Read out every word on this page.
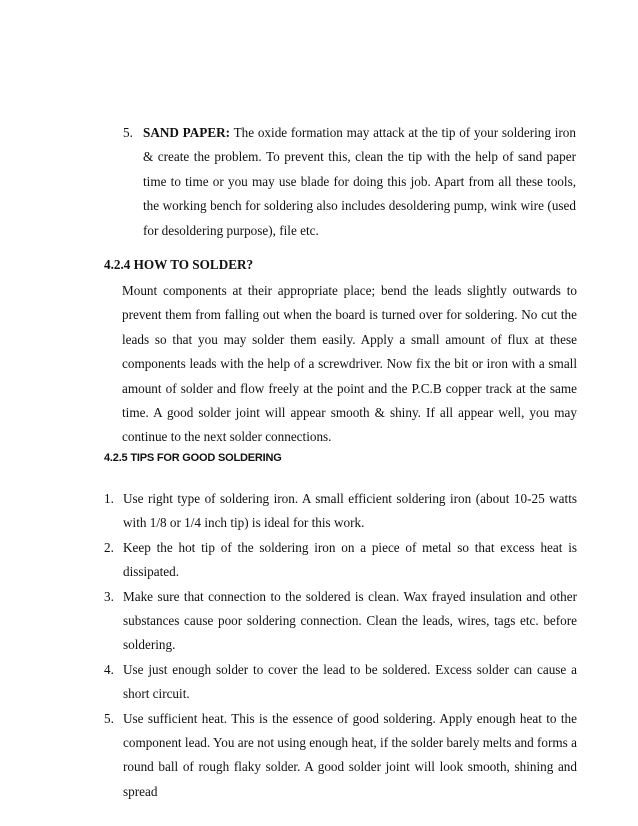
5. SAND PAPER: The oxide formation may attack at the tip of your soldering iron & create the problem. To prevent this, clean the tip with the help of sand paper time to time or you may use blade for doing this job. Apart from all these tools, the working bench for soldering also includes desoldering pump, wink wire (used for desoldering purpose), file etc.

4.2.4 HOW TO SOLDER?

Mount components at their appropriate place; bend the leads slightly outwards to prevent them from falling out when the board is turned over for soldering. No cut the leads so that you may solder them easily. Apply a small amount of flux at these components leads with the help of a screwdriver. Now fix the bit or iron with a small amount of solder and flow freely at the point and the P.C.B copper track at the same time. A good solder joint will appear smooth & shiny. If all appear well, you may continue to the next solder connections.

4.2.5 TIPS FOR GOOD SOLDERING
1. Use right type of soldering iron. A small efficient soldering iron (about 10-25 watts with 1/8 or 1/4 inch tip) is ideal for this work.

2. Keep the hot tip of the soldering iron on a piece of metal so that excess heat is dissipated.

3. Make sure that connection to the soldered is clean. Wax frayed insulation and other substances cause poor soldering connection. Clean the leads, wires, tags etc. before soldering.

4. Use just enough solder to cover the lead to be soldered. Excess solder can cause a short circuit.

5. Use sufficient heat. This is the essence of good soldering. Apply enough heat to the component lead. You are not using enough heat, if the solder barely melts and forms a round ball of rough flaky solder. A good solder joint will look smooth, shining and spread
